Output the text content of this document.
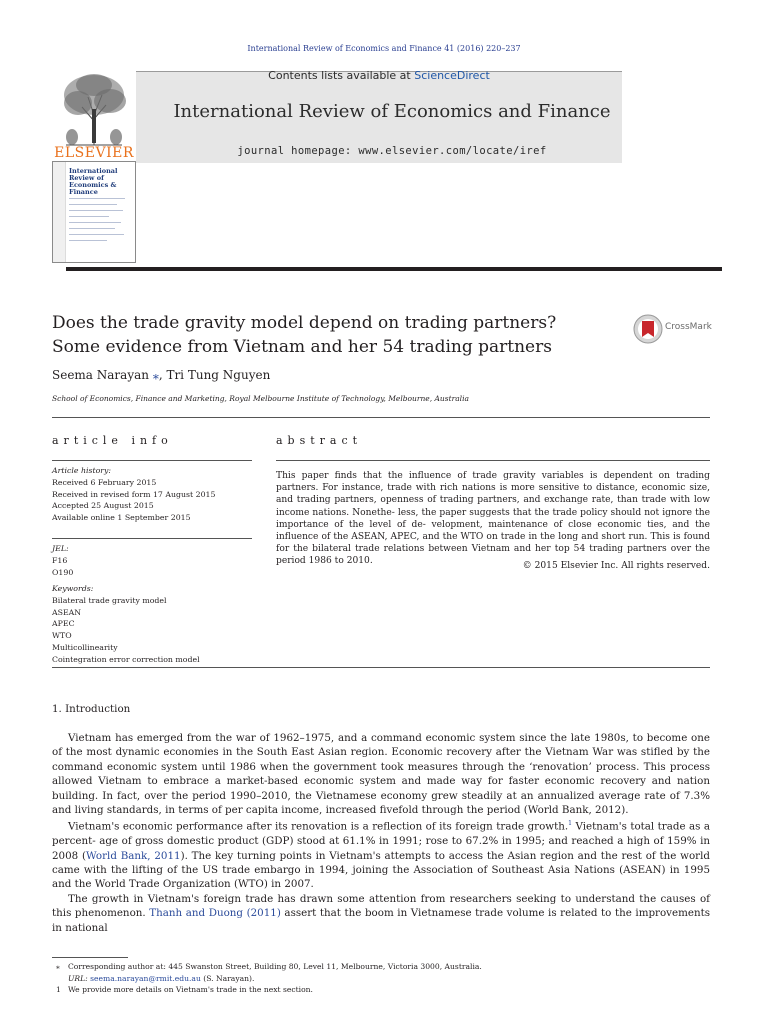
International Review of Economics and Finance 41 (2016) 220–237
ELSEVIER
International Review of Economics & Finance
Contents lists available at ScienceDirect
International Review of Economics and Finance
journal homepage: www.elsevier.com/locate/iref
Does the trade gravity model depend on trading partners?
Some evidence from Vietnam and her 54 trading partners
CrossMark
Seema Narayan ⁎, Tri Tung Nguyen
School of Economics, Finance and Marketing, Royal Melbourne Institute of Technology, Melbourne, Australia
article info	abstract
Article history:
Received 6 February 2015
Received in revised form 17 August 2015
Accepted 25 August 2015
Available online 1 September 2015
JEL:
F16
O190
Keywords:
Bilateral trade gravity model
ASEAN
APEC
WTO
Multicollinearity
Cointegration error correction model
This paper finds that the influence of trade gravity variables is dependent on trading partners. For instance, trade with rich nations is more sensitive to distance, economic size, and trading partners, openness of trading partners, and exchange rate, than trade with low income nations. Nonethe- less, the paper suggests that the trade policy should not ignore the importance of the level of de- velopment, maintenance of close economic ties, and the influence of the ASEAN, APEC, and the WTO on trade in the long and short run. This is found for the bilateral trade relations between Vietnam and her top 54 trading partners over the period 1986 to 2010.	© 2015 Elsevier Inc. All rights reserved.
1. Introduction

Vietnam has emerged from the war of 1962–1975, and a command economic system since the late 1980s, to become one of the most dynamic economies in the South East Asian region. Economic recovery after the Vietnam War was stifled by the command economic system until 1986 when the government took measures through the ‘renovation’ process. This process allowed Vietnam to embrace a market-based economic system and made way for faster economic recovery and nation building. In fact, over the period 1990–2010, the Vietnamese economy grew steadily at an annualized average rate of 7.3% and living standards, in terms of per capita income, increased fivefold through the period (World Bank, 2012).

Vietnam's economic performance after its renovation is a reflection of its foreign trade growth.$^1$ Vietnam's total trade as a percent- age of gross domestic product (GDP) stood at 61.1% in 1991; rose to 67.2% in 1995; and reached a high of 159% in 2008 (World Bank, 2011). The key turning points in Vietnam's attempts to access the Asian region and the rest of the world came with the lifting of the US trade embargo in 1994, joining the Association of Southeast Asia Nations (ASEAN) in 1995 and the World Trade Organization (WTO) in 2007.

The growth in Vietnam's foreign trade has drawn some attention from researchers seeking to understand the causes of this phenomenon. Thanh and Duong (2011) assert that the boom in Vietnamese trade volume is related to the improvements in national

⁎ Corresponding author at: 445 Swanston Street, Building 80, Level 11, Melbourne, Victoria 3000, Australia.
URL: seema.narayan@rmit.edu.au (S. Narayan).
1 We provide more details on Vietnam's trade in the next section.
